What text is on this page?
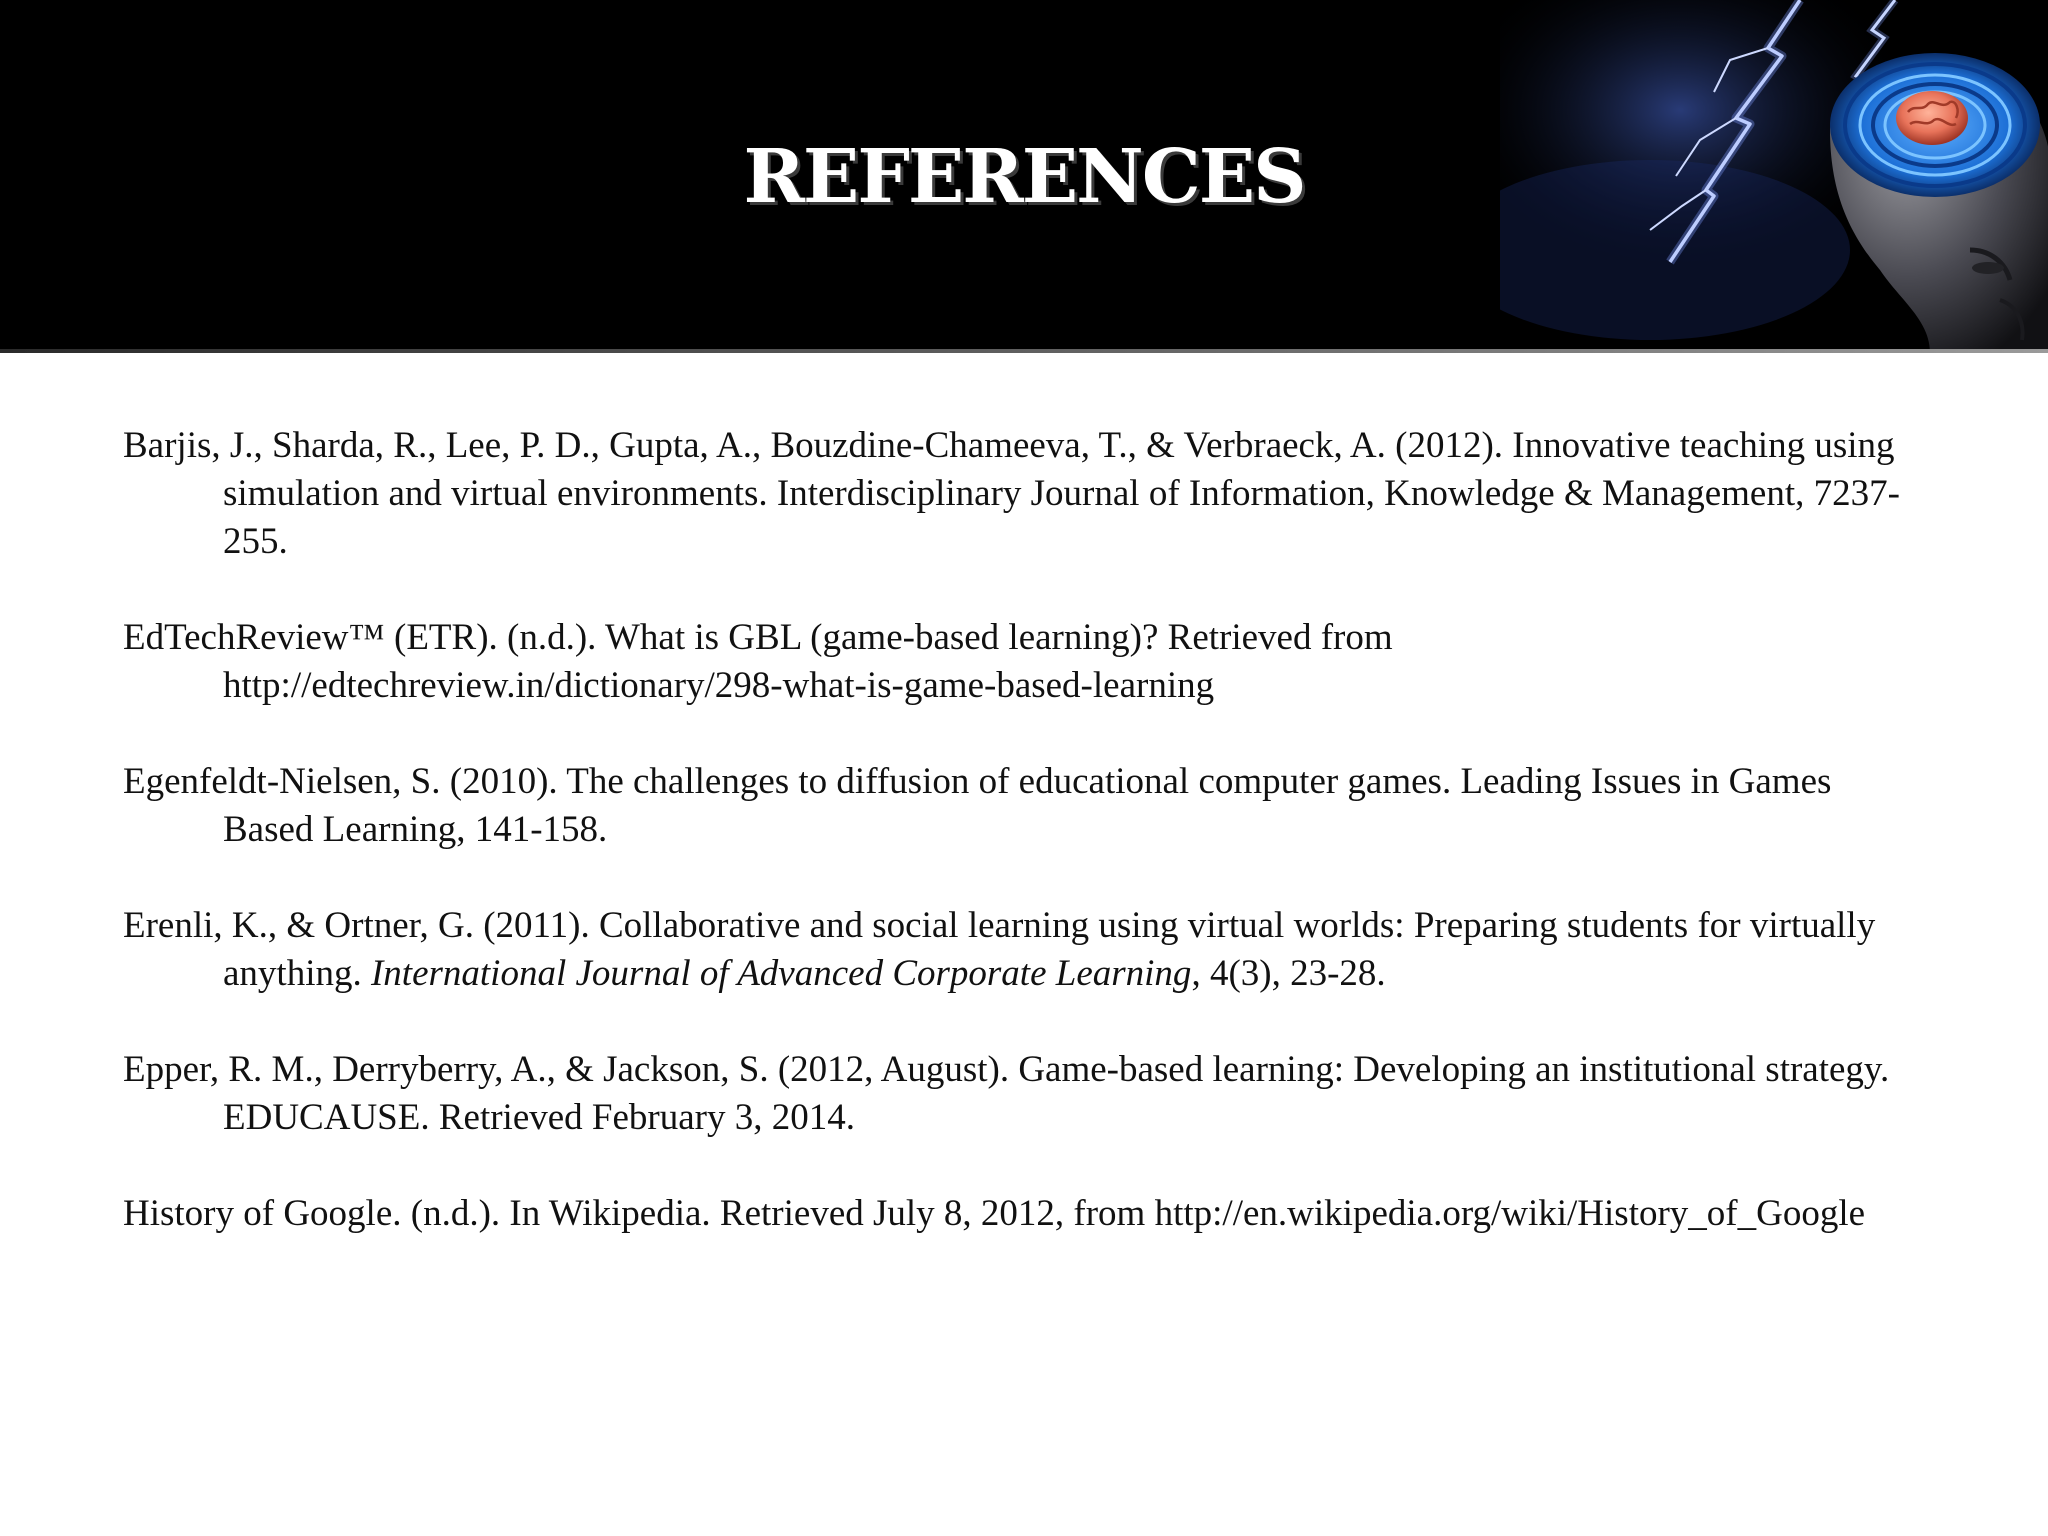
REFERENCES
Barjis, J., Sharda, R., Lee, P. D., Gupta, A., Bouzdine-Chameeva, T., & Verbraeck, A. (2012). Innovative teaching using simulation and virtual environments. Interdisciplinary Journal of Information, Knowledge & Management, 7237-255.
EdTechReview™ (ETR). (n.d.). What is GBL (game-based learning)? Retrieved from http://edtechreview.in/dictionary/298-what-is-game-based-learning
Egenfeldt-Nielsen, S. (2010). The challenges to diffusion of educational computer games. Leading Issues in Games Based Learning, 141-158.
Erenli, K., & Ortner, G. (2011). Collaborative and social learning using virtual worlds: Preparing students for virtually anything. International Journal of Advanced Corporate Learning, 4(3), 23-28.
Epper, R. M., Derryberry, A., & Jackson, S. (2012, August). Game-based learning: Developing an institutional strategy. EDUCAUSE. Retrieved February 3, 2014.
History of Google. (n.d.). In Wikipedia. Retrieved July 8, 2012, from http://en.wikipedia.org/wiki/History_of_Google
